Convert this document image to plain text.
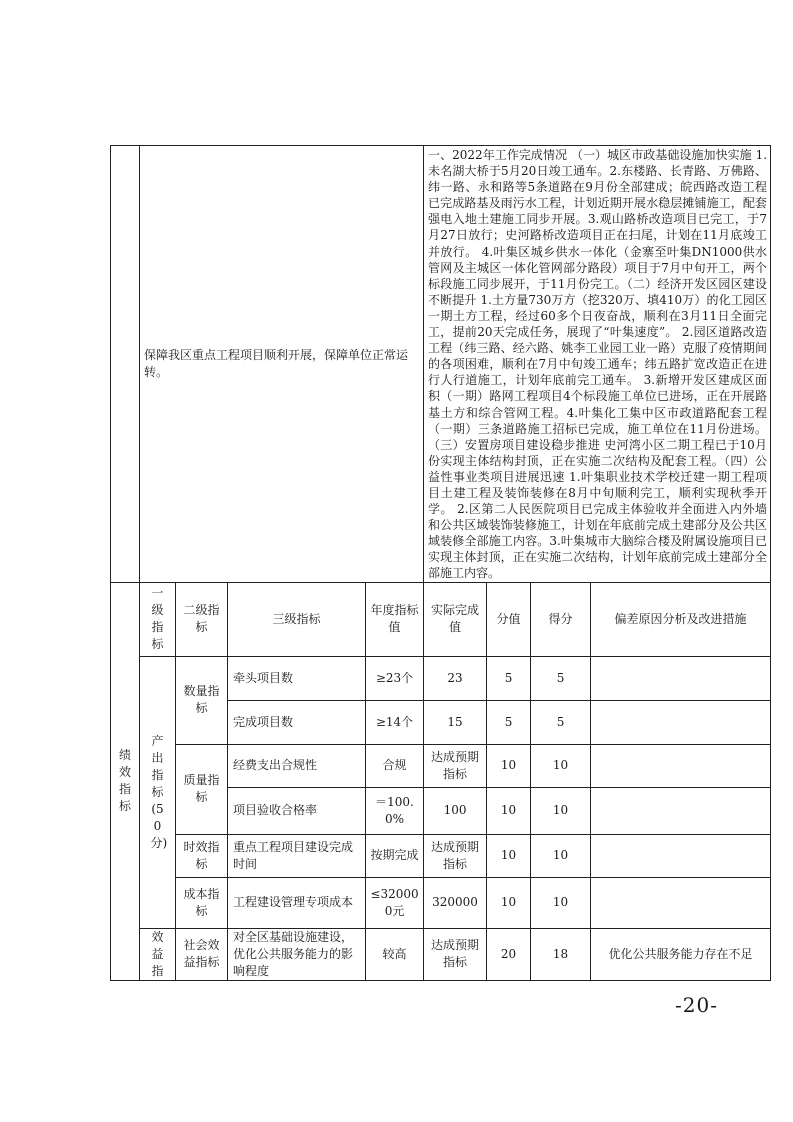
	保障我区重点工程项目顺利开展，保障单位正常运转。				一、2022年工作完成情况 （一）城区市政基础设施加快实施 1.未名湖大桥于5月20日竣工通车。2.东楼路、长青路、万佛路、纬一路、永和路等5条道路在9月份全部建成；皖西路改造工程已完成路基及雨污水工程，计划近期开展水稳层摊铺施工，配套强电入地土建施工同步开展。3.观山路桥改造项目已完工，于7月27日放行；史河路桥改造项目正在扫尾，计划在11月底竣工并放行。 4.叶集区城乡供水一体化（金寨至叶集DN1000供水管网及主城区一体化管网部分路段）项目于7月中旬开工，两个标段施工同步展开，于11月份完工。（二）经济开发区园区建设不断提升 1.土方量730万方（挖320万、填410万）的化工园区一期土方工程，经过60多个日夜奋战，顺利在3月11日全面完工，提前20天完成任务，展现了“叶集速度”。 2.园区道路改造工程（纬三路、经六路、姚李工业园工业一路）克服了疫情期间的各项困难，顺利在7月中旬竣工通车；纬五路扩宽改造正在进行人行道施工，计划年底前完工通车。 3.新增开发区建成区面积（一期）路网工程项目4个标段施工单位已进场，正在开展路基土方和综合管网工程。4.叶集化工集中区市政道路配套工程（一期）三条道路施工招标已完成，施工单位在11月份进场。（三）安置房项目建设稳步推进 史河湾小区二期工程已于10月份实现主体结构封顶，正在实施二次结构及配套工程。（四）公益性事业类项目进展迅速 1.叶集职业技术学校迁建一期工程项目土建工程及装饰装修在8月中旬顺利完工，顺利实现秋季开学。 2.区第二人民医院项目已完成主体验收并全面进入内外墙和公共区域装饰装修施工，计划在年底前完成土建部分及公共区域装修全部施工内容。3.叶集城市大脑综合楼及附属设施项目已实现主体封顶，正在实施二次结构，计划年底前完成土建部分全部施工内容。			
绩效指标	一级指标	二级指标	三级指标	年度指标值	实际完成值	分值	得分	偏差原因分析及改进措施
	产出指标(50分)	数量指标	牵头项目数	≥23个	23	5	5	
			完成项目数	≥14个	15	5	5	
		质量指标	经费支出合规性	合规	达成预期指标	10	10	
			项目验收合格率	＝100.0%	100	10	10	
		时效指标	重点工程项目建设完成时间	按期完成	达成预期指标	10	10	
		成本指标	工程建设管理专项成本	≤320000元	320000	10	10	
	效益指	社会效益指标	对全区基础设施建设，优化公共服务能力的影响程度	较高	达成预期指标	20	18	优化公共服务能力存在不足
-20-
